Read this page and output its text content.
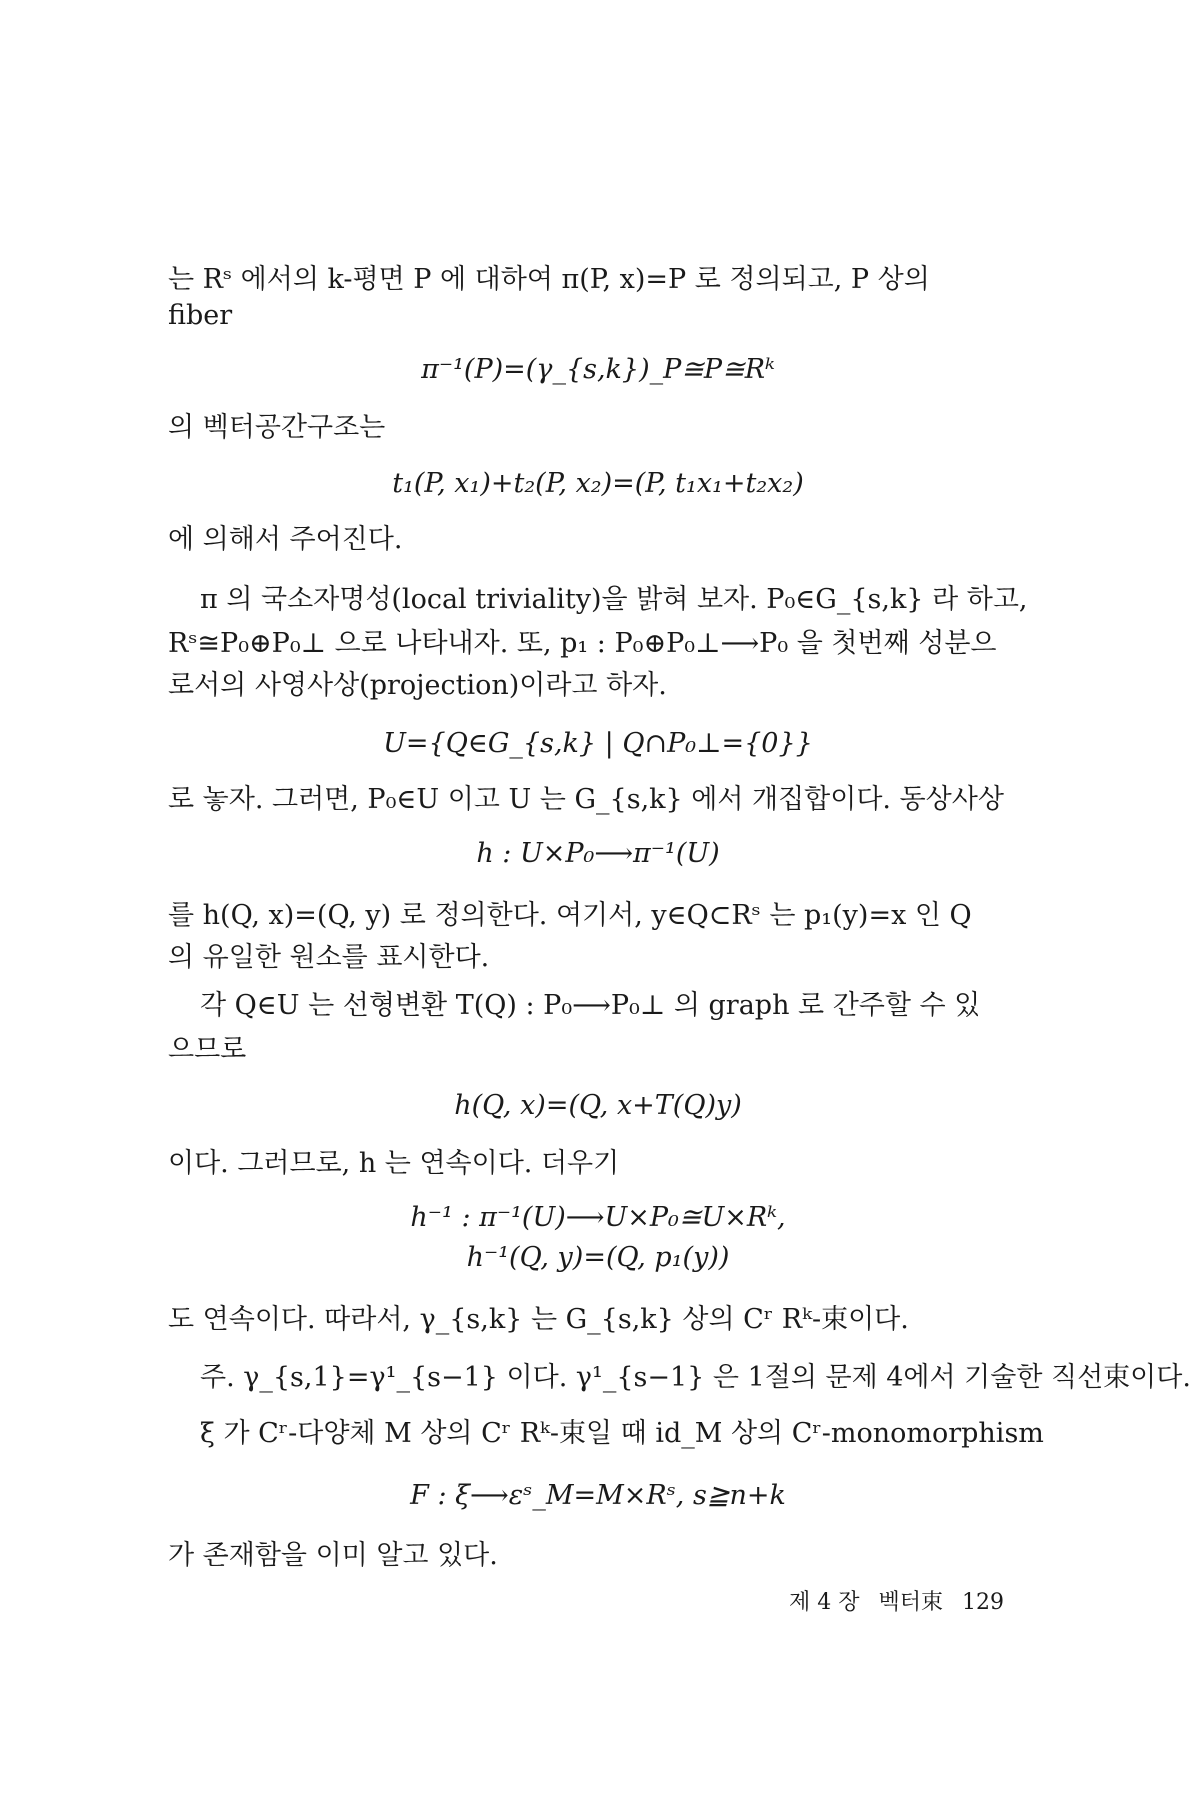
는 Rˢ 에서의 k-평면 P 에 대하여 π(P, x)=P 로 정의되고, P 상의
fiber
π⁻¹(P)=(γ_{s,k})_P≅P≅Rᵏ
의 벡터공간구조는
t₁(P, x₁)+t₂(P, x₂)=(P, t₁x₁+t₂x₂)
에 의해서 주어진다.
π 의 국소자명성(local triviality)을 밝혀 보자. P₀∈G_{s,k} 라 하고,
Rˢ≅P₀⊕P₀⊥ 으로 나타내자. 또, p₁ : P₀⊕P₀⊥⟶P₀ 을 첫번째 성분으
로서의 사영사상(projection)이라고 하자.
U={Q∈G_{s,k} | Q∩P₀⊥={0}}
로 놓자. 그러면, P₀∈U 이고 U 는 G_{s,k} 에서 개집합이다. 동상사상
h : U×P₀⟶π⁻¹(U)
를 h(Q, x)=(Q, y) 로 정의한다. 여기서, y∈Q⊂Rˢ 는 p₁(y)=x 인 Q
의 유일한 원소를 표시한다.
각 Q∈U 는 선형변환 T(Q) : P₀⟶P₀⊥ 의 graph 로 간주할 수 있
으므로
h(Q, x)=(Q, x+T(Q)y)
이다. 그러므로, h 는 연속이다. 더우기
h⁻¹ : π⁻¹(U)⟶U×P₀≅U×Rᵏ,
h⁻¹(Q, y)=(Q, p₁(y))
도 연속이다. 따라서, γ_{s,k} 는 G_{s,k} 상의 Cʳ Rᵏ-束이다.
주. γ_{s,1}=γ¹_{s−1} 이다. γ¹_{s−1} 은 1절의 문제 4에서 기술한 직선束이다.
ξ 가 Cʳ-다양체 M 상의 Cʳ Rᵏ-束일 때 id_M 상의 Cʳ-monomorphism
F : ξ⟶εˢ_M=M×Rˢ, s≧n+k
가 존재함을 이미 알고 있다.
제 4 장 벡터束 129
